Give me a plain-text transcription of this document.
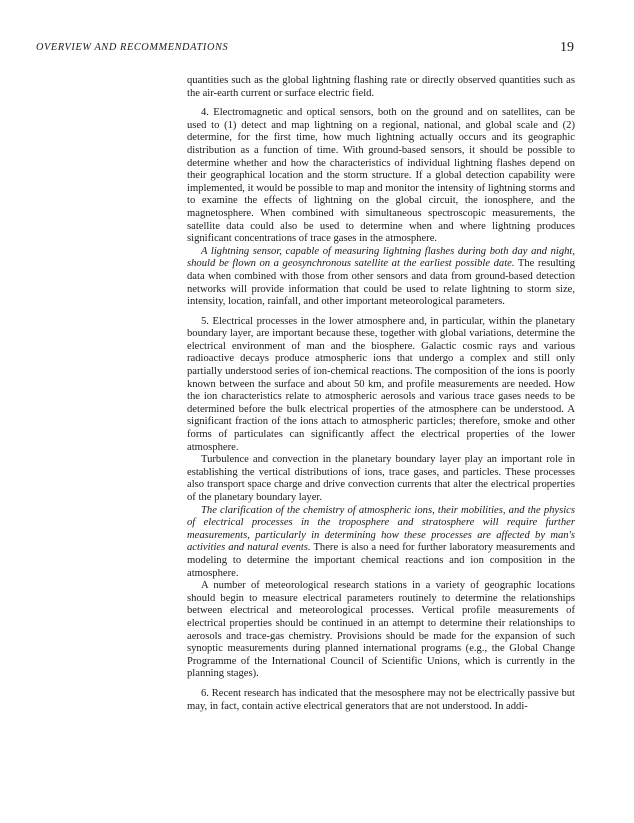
OVERVIEW AND RECOMMENDATIONS	19

quantities such as the global lightning flashing rate or directly observed quantities such as the air-earth current or surface electric field.

4. Electromagnetic and optical sensors, both on the ground and on satellites, can be used to (1) detect and map lightning on a regional, national, and global scale and (2) determine, for the first time, how much lightning actually occurs and its geographic distribution as a function of time. With ground-based sensors, it should be possible to determine whether and how the characteristics of individual lightning flashes depend on their geographical location and the storm structure. If a global detection capability were implemented, it would be possible to map and monitor the intensity of lightning storms and to examine the effects of lightning on the global circuit, the ionosphere, and the magnetosphere. When combined with simultaneous spectroscopic measurements, the satellite data could also be used to determine when and where lightning produces significant concentrations of trace gases in the atmosphere.

A lightning sensor, capable of measuring lightning flashes during both day and night, should be flown on a geosynchronous satellite at the earliest possible date. The resulting data when combined with those from other sensors and data from ground-based detection networks will provide information that could be used to relate lightning to storm size, intensity, location, rainfall, and other important meteorological parameters.

5. Electrical processes in the lower atmosphere and, in particular, within the planetary boundary layer, are important because these, together with global variations, determine the electrical environment of man and the biosphere. Galactic cosmic rays and various radioactive decays produce atmospheric ions that undergo a complex and still only partially understood series of ion-chemical reactions. The composition of the ions is poorly known between the surface and about 50 km, and profile measurements are needed. How the ion characteristics relate to atmospheric aerosols and various trace gases needs to be determined before the bulk electrical properties of the atmosphere can be understood. A significant fraction of the ions attach to atmospheric particles; therefore, smoke and other forms of particulates can significantly affect the electrical properties of the lower atmosphere.

Turbulence and convection in the planetary boundary layer play an important role in establishing the vertical distributions of ions, trace gases, and particles. These processes also transport space charge and drive convection currents that alter the electrical properties of the planetary boundary layer.

The clarification of the chemistry of atmospheric ions, their mobilities, and the physics of electrical processes in the troposphere and stratosphere will require further measurements, particularly in determining how these processes are affected by man's activities and natural events. There is also a need for further laboratory measurements and modeling to determine the important chemical reactions and ion composition in the atmosphere.

A number of meteorological research stations in a variety of geographic locations should begin to measure electrical parameters routinely to determine the relationships between electrical and meteorological processes. Vertical profile measurements of electrical properties should be continued in an attempt to determine their relationships to aerosols and trace-gas chemistry. Provisions should be made for the expansion of such synoptic measurements during planned international programs (e.g., the Global Change Programme of the International Council of Scientific Unions, which is currently in the planning stages).

6. Recent research has indicated that the mesosphere may not be electrically passive but may, in fact, contain active electrical generators that are not understood. In addi-
